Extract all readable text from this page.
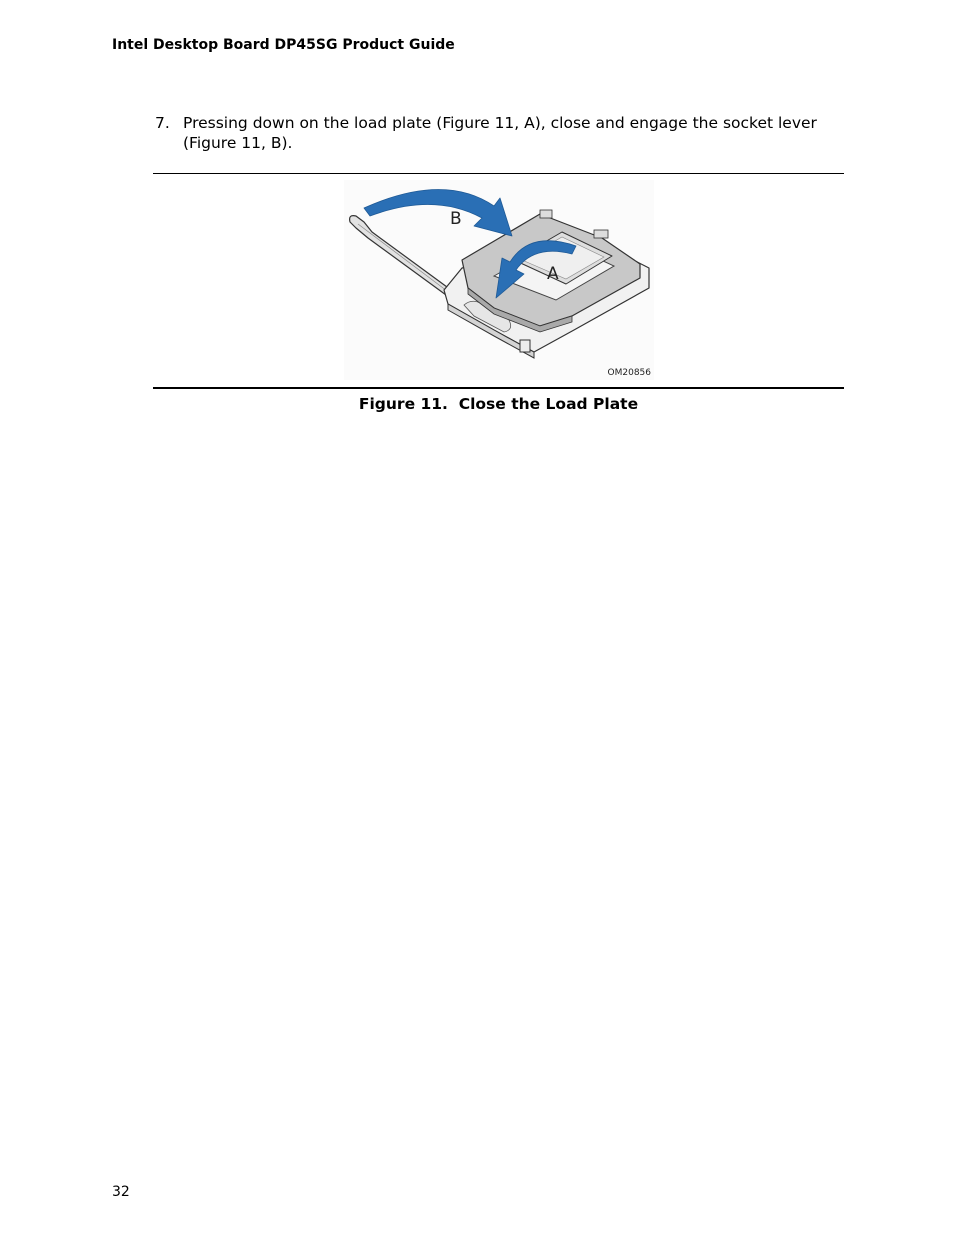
Intel Desktop Board DP45SG Product Guide
7. Pressing down on the load plate (Figure 11, A), close and engage the socket lever (Figure 11, B).
B
A
OM20856
Figure 11.  Close the Load Plate
32
